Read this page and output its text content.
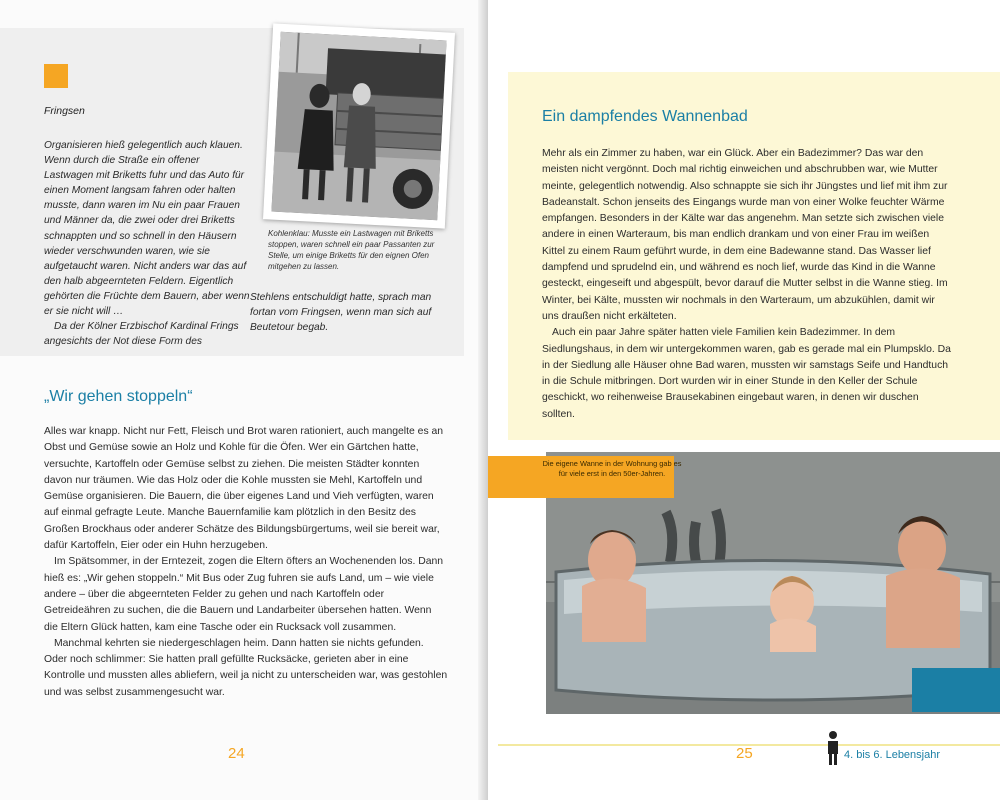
Fringsen

Organisieren hieß gelegentlich auch klauen. Wenn durch die Straße ein offener Lastwagen mit Briketts fuhr und das Auto für einen Moment langsam fahren oder halten musste, dann waren im Nu ein paar Frauen und Männer da, die zwei oder drei Briketts schnappten und so schnell in den Häusern wieder verschwunden waren, wie sie aufgetaucht waren. Nicht anders war das auf den halb abgeernteten Feldern. Eigentlich gehörten die Früchte dem Bauern, aber wenn er sie nicht will …

Da der Kölner Erzbischof Kardinal Frings angesichts der Not diese Form des

Kohlenklau: Musste ein Lastwagen mit Briketts stoppen, waren schnell ein paar Passanten zur Stelle, um einige Briketts für den eignen Ofen mitgehen zu lassen.
Stehlens entschuldigt hatte, sprach man fortan vom Fringsen, wenn man sich auf Beutetour begab.
„Wir gehen stoppeln“

Alles war knapp. Nicht nur Fett, Fleisch und Brot waren rationiert, auch mangelte es an Obst und Gemüse sowie an Holz und Kohle für die Öfen. Wer ein Gärtchen hatte, versuchte, Kartoffeln oder Gemüse selbst zu ziehen. Die meisten Städter konnten davon nur träumen. Wie das Holz oder die Kohle mussten sie Mehl, Kartoffeln und Gemüse organisieren. Die Bauern, die über eigenes Land und Vieh verfügten, waren auf einmal gefragte Leute. Manche Bauernfamilie kam plötzlich in den Besitz des Großen Brockhaus oder anderer Schätze des Bildungsbürgertums, weil sie bereit war, dafür Kartoffeln, Eier oder ein Huhn herzugeben.

Im Spätsommer, in der Erntezeit, zogen die Eltern öfters an Wochenenden los. Dann hieß es: „Wir gehen stoppeln.“ Mit Bus oder Zug fuhren sie aufs Land, um – wie viele andere – über die abgeernteten Felder zu gehen und nach Kartoffeln oder Getreideähren zu suchen, die die Bauern und Landarbeiter übersehen hatten. Wenn die Eltern Glück hatten, kam eine Tasche oder ein Rucksack voll zusammen.

Manchmal kehrten sie niedergeschlagen heim. Dann hatten sie nichts gefunden. Oder noch schlimmer: Sie hatten prall gefüllte Rucksäcke, gerieten aber in eine Kontrolle und mussten alles abliefern, weil ja nicht zu unterscheiden war, was gestohlen und was selbst zusammengesucht war.

24
Ein dampfendes Wannenbad

Mehr als ein Zimmer zu haben, war ein Glück. Aber ein Badezimmer? Das war den meisten nicht vergönnt. Doch mal richtig einweichen und abschrubben war, wie Mutter meinte, gelegentlich notwendig. Also schnappte sie sich ihr Jüngstes und lief mit ihm zur Badeanstalt. Schon jenseits des Eingangs wurde man von einer Wolke feuchter Wärme empfangen. Besonders in der Kälte war das angenehm. Man setzte sich zwischen viele andere in einen Warteraum, bis man endlich drankam und von einer Frau im weißen Kittel zu einem Raum geführt wurde, in dem eine Badewanne stand. Das Wasser lief dampfend und sprudelnd ein, und während es noch lief, wurde das Kind in die Wanne gesteckt, eingeseift und abgespült, bevor darauf die Mutter selbst in die Wanne stieg. Im Winter, bei Kälte, mussten wir nochmals in den Warteraum, um abzukühlen, damit wir uns draußen nicht erkälteten.

Auch ein paar Jahre später hatten viele Familien kein Badezimmer. In dem Siedlungshaus, in dem wir untergekommen waren, gab es gerade mal ein Plumpsklo. Da in der Siedlung alle Häuser ohne Bad waren, mussten wir samstags Seife und Handtuch in die Schule mitbringen. Dort wurden wir in einer Stunde in den Keller der Schule geschickt, wo reihenweise Brausekabinen eingebaut waren, in denen wir duschen sollten.

Die eigene Wanne in der Wohnung gab es für viele erst in den 50er-Jahren.
25	4. bis 6. Lebensjahr
